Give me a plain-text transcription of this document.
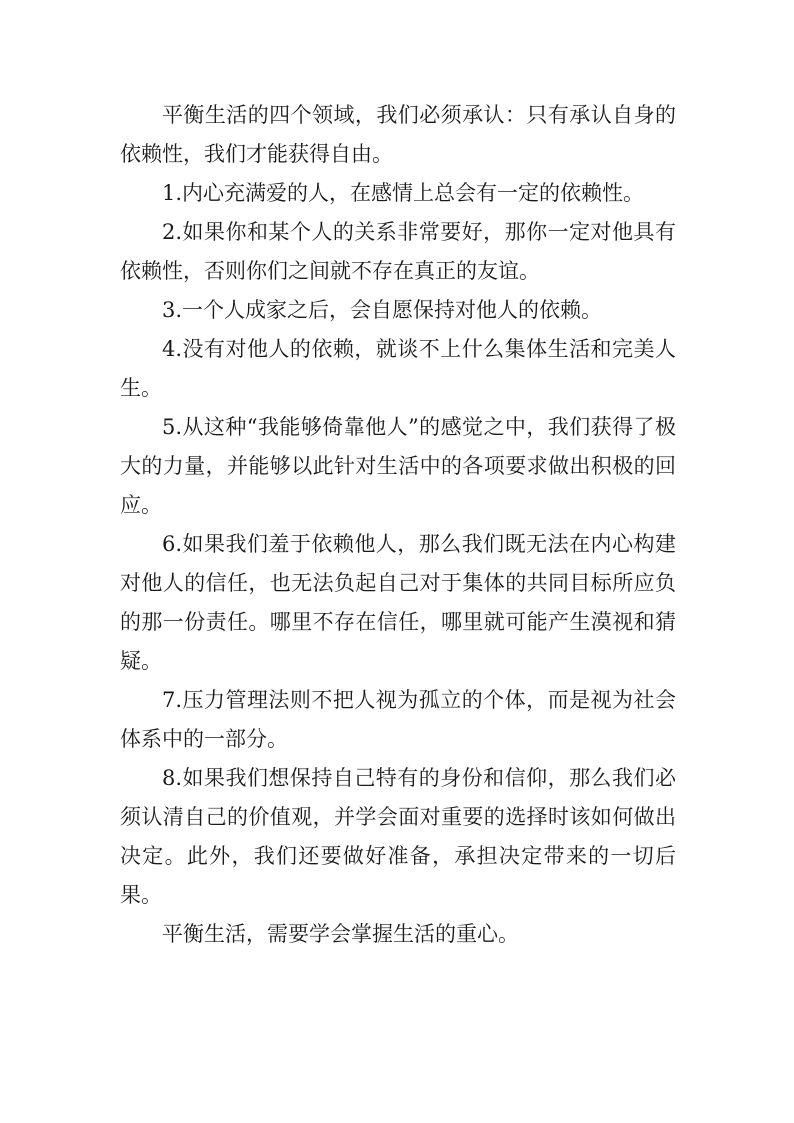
平衡生活的四个领域，我们必须承认：只有承认自身的依赖性，我们才能获得自由。

1.内心充满爱的人，在感情上总会有一定的依赖性。

2.如果你和某个人的关系非常要好，那你一定对他具有依赖性，否则你们之间就不存在真正的友谊。

3.一个人成家之后，会自愿保持对他人的依赖。

4.没有对他人的依赖，就谈不上什么集体生活和完美人生。

5.从这种“我能够倚靠他人”的感觉之中，我们获得了极大的力量，并能够以此针对生活中的各项要求做出积极的回应。

6.如果我们羞于依赖他人，那么我们既无法在内心构建对他人的信任，也无法负起自己对于集体的共同目标所应负的那一份责任。哪里不存在信任，哪里就可能产生漠视和猜疑。

7.压力管理法则不把人视为孤立的个体，而是视为社会体系中的一部分。

8.如果我们想保持自己特有的身份和信仰，那么我们必须认清自己的价值观，并学会面对重要的选择时该如何做出决定。此外，我们还要做好准备，承担决定带来的一切后果。

平衡生活，需要学会掌握生活的重心。
